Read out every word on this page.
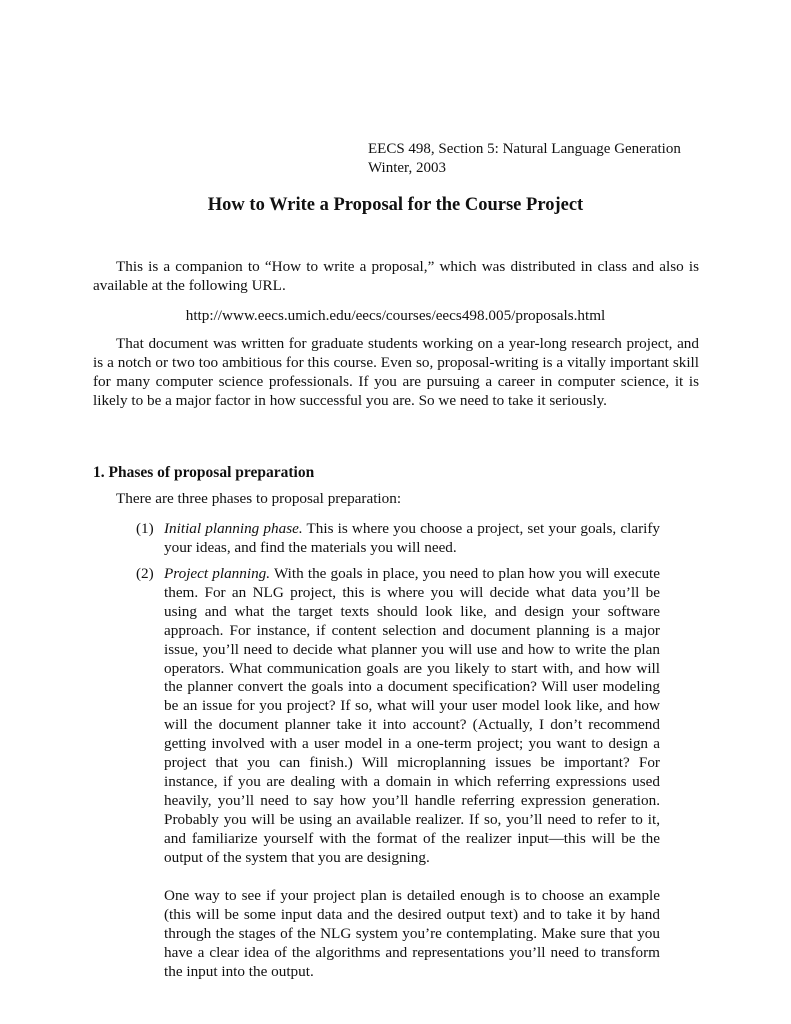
EECS 498, Section 5: Natural Language Generation
Winter, 2003
How to Write a Proposal for the Course Project

This is a companion to “How to write a proposal,” which was distributed in class and also is available at the following URL.

http://www.eecs.umich.edu/eecs/courses/eecs498.005/proposals.html

That document was written for graduate students working on a year-long research project, and is a notch or two too ambitious for this course. Even so, proposal-writing is a vitally important skill for many computer science professionals. If you are pursuing a career in computer science, it is likely to be a major factor in how successful you are. So we need to take it seriously.

1. Phases of proposal preparation
There are three phases to proposal preparation:
(1) Initial planning phase. This is where you choose a project, set your goals, clarify your ideas, and find the materials you will need.
(2) Project planning. With the goals in place, you need to plan how you will execute them. For an NLG project, this is where you will decide what data you’ll be using and what the target texts should look like, and design your software approach. For instance, if content selection and document planning is a major issue, you’ll need to decide what planner you will use and how to write the plan operators. What communication goals are you likely to start with, and how will the planner convert the goals into a document specification? Will user modeling be an issue for you project? If so, what will your user model look like, and how will the document planner take it into account? (Actually, I don’t recommend getting involved with a user model in a one-term project; you want to design a project that you can finish.) Will microplanning issues be important? For instance, if you are dealing with a domain in which referring expressions used heavily, you’ll need to say how you’ll handle referring expression generation. Probably you will be using an available realizer. If so, you’ll need to refer to it, and familiarize yourself with the format of the realizer input—this will be the output of the system that you are designing.
One way to see if your project plan is detailed enough is to choose an example (this will be some input data and the desired output text) and to take it by hand through the stages of the NLG system you’re contemplating. Make sure that you have a clear idea of the algorithms and representations you’ll need to transform the input into the output.
